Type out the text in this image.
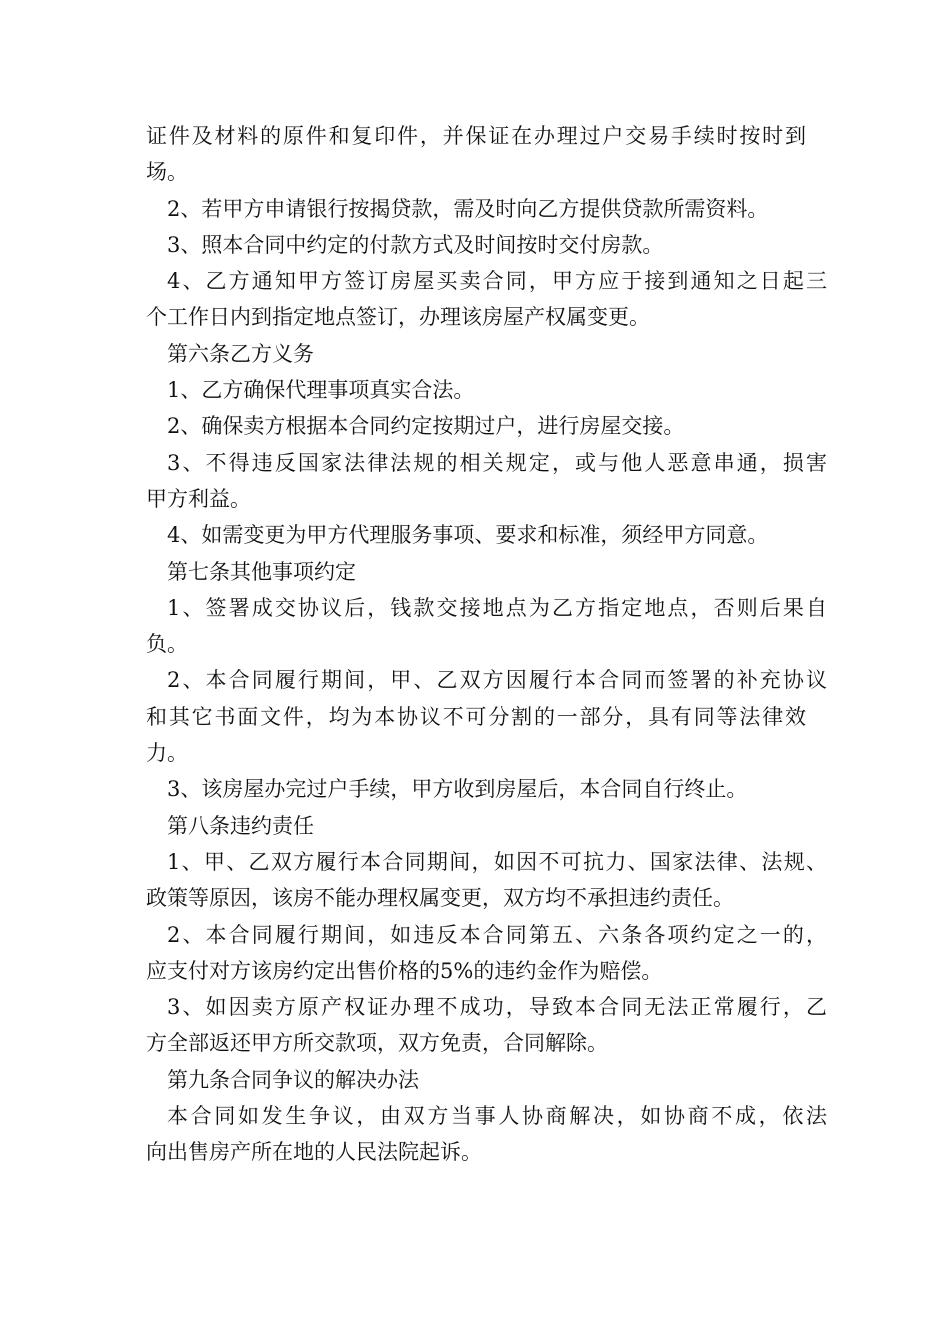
证件及材料的原件和复印件，并保证在办理过户交易手续时按时到
场。
2、若甲方申请银行按揭贷款，需及时向乙方提供贷款所需资料。
3、照本合同中约定的付款方式及时间按时交付房款。
4、乙方通知甲方签订房屋买卖合同，甲方应于接到通知之日起三
个工作日内到指定地点签订，办理该房屋产权属变更。
第六条乙方义务
1、乙方确保代理事项真实合法。
2、确保卖方根据本合同约定按期过户，进行房屋交接。
3、不得违反国家法律法规的相关规定，或与他人恶意串通，损害
甲方利益。
4、如需变更为甲方代理服务事项、要求和标准，须经甲方同意。
第七条其他事项约定
1、签署成交协议后，钱款交接地点为乙方指定地点，否则后果自
负。
2、本合同履行期间，甲、乙双方因履行本合同而签署的补充协议
和其它书面文件，均为本协议不可分割的一部分，具有同等法律效
力。
3、该房屋办完过户手续，甲方收到房屋后，本合同自行终止。
第八条违约责任
1、甲、乙双方履行本合同期间，如因不可抗力、国家法律、法规、
政策等原因，该房不能办理权属变更，双方均不承担违约责任。
2、本合同履行期间，如违反本合同第五、六条各项约定之一的，
应支付对方该房约定出售价格的5%的违约金作为赔偿。
3、如因卖方原产权证办理不成功，导致本合同无法正常履行，乙
方全部返还甲方所交款项，双方免责，合同解除。
第九条合同争议的解决办法
本合同如发生争议，由双方当事人协商解决，如协商不成，依法
向出售房产所在地的人民法院起诉。
